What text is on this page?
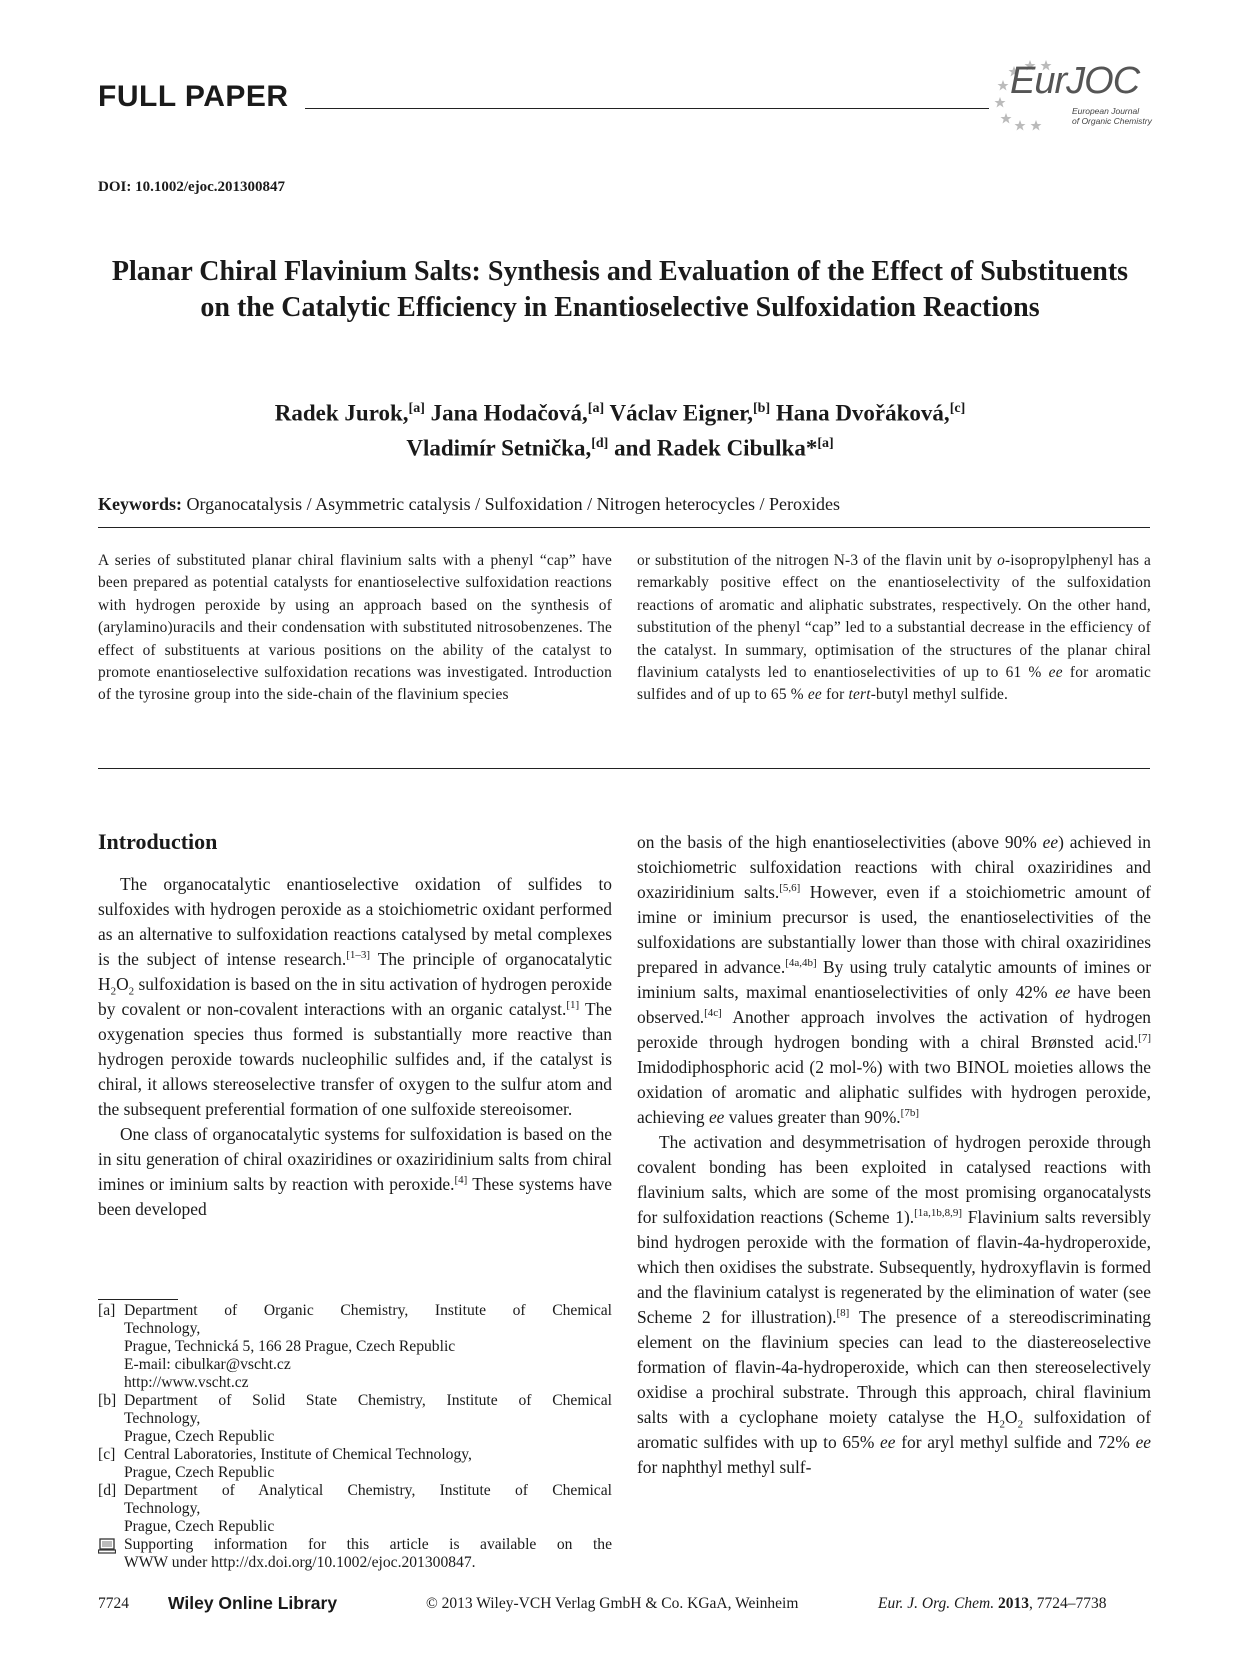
FULL PAPER	EurJOC
European Journal
of Organic Chemistry
DOI: 10.1002/ejoc.201300847
Planar Chiral Flavinium Salts: Synthesis and Evaluation of the Effect of Substituents on the Catalytic Efficiency in Enantioselective Sulfoxidation Reactions
Radek Jurok,[a] Jana Hodačová,[a] Václav Eigner,[b] Hana Dvořáková,[c]
Vladimír Setnička,[d] and Radek Cibulka*[a]
Keywords: Organocatalysis / Asymmetric catalysis / Sulfoxidation / Nitrogen heterocycles / Peroxides
A series of substituted planar chiral flavinium salts with a phenyl “cap” have been prepared as potential catalysts for enantioselective sulfoxidation reactions with hydrogen peroxide by using an approach based on the synthesis of (arylamino)uracils and their condensation with substituted nitrosobenzenes. The effect of substituents at various positions on the ability of the catalyst to promote enantioselective sulfoxidation recations was investigated. Introduction of the tyrosine group into the side-chain of the flavinium species
or substitution of the nitrogen N-3 of the flavin unit by o-isopropylphenyl has a remarkably positive effect on the enantioselectivity of the sulfoxidation reactions of aromatic and aliphatic substrates, respectively. On the other hand, substitution of the phenyl “cap” led to a substantial decrease in the efficiency of the catalyst. In summary, optimisation of the structures of the planar chiral flavinium catalysts led to enantioselectivities of up to 61 % ee for aromatic sulfides and of up to 65 % ee for tert-butyl methyl sulfide.
Introduction

The organocatalytic enantioselective oxidation of sulfides to sulfoxides with hydrogen peroxide as a stoichiometric oxidant performed as an alternative to sulfoxidation reactions catalysed by metal complexes is the subject of intense research.[1–3] The principle of organocatalytic $H_2O_2$ sulfoxidation is based on the in situ activation of hydrogen peroxide by covalent or non-covalent interactions with an organic catalyst.[1] The oxygenation species thus formed is substantially more reactive than hydrogen peroxide towards nucleophilic sulfides and, if the catalyst is chiral, it allows stereoselective transfer of oxygen to the sulfur atom and the subsequent preferential formation of one sulfoxide stereoisomer.

One class of organocatalytic systems for sulfoxidation is based on the in situ generation of chiral oxaziridines or oxaziridinium salts from chiral imines or iminium salts by reaction with peroxide.[4] These systems have been developed

on the basis of the high enantioselectivities (above 90% ee) achieved in stoichiometric sulfoxidation reactions with chiral oxaziridines and oxaziridinium salts.[5,6] However, even if a stoichiometric amount of imine or iminium precursor is used, the enantioselectivities of the sulfoxidations are substantially lower than those with chiral oxaziridines prepared in advance.[4a,4b] By using truly catalytic amounts of imines or iminium salts, maximal enantioselectivities of only 42% ee have been observed.[4c] Another approach involves the activation of hydrogen peroxide through hydrogen bonding with a chiral Brønsted acid.[7] Imidodiphosphoric acid (2 mol-%) with two BINOL moieties allows the oxidation of aromatic and aliphatic sulfides with hydrogen peroxide, achieving ee values greater than 90%.[7b]

The activation and desymmetrisation of hydrogen peroxide through covalent bonding has been exploited in catalysed reactions with flavinium salts, which are some of the most promising organocatalysts for sulfoxidation reactions (Scheme 1).[1a,1b,8,9] Flavinium salts reversibly bind hydrogen peroxide with the formation of flavin-4a-hydroperoxide, which then oxidises the substrate. Subsequently, hydroxyflavin is formed and the flavinium catalyst is regenerated by the elimination of water (see Scheme 2 for illustration).[8] The presence of a stereodiscriminating element on the flavinium species can lead to the diastereoselective formation of flavin-4a-hydroperoxide, which can then stereoselectively oxidise a prochiral substrate. Through this approach, chiral flavinium salts with a cyclophane moiety catalyse the $H_2O_2$ sulfoxidation of aromatic sulfides with up to 65% ee for aryl methyl sulfide and 72% ee for naphthyl methyl sulf-

[a] Department of Organic Chemistry, Institute of Chemical
Technology,
Prague, Technická 5, 166 28 Prague, Czech Republic
E-mail: cibulkar@vscht.cz
http://www.vscht.cz
[b] Department of Solid State Chemistry, Institute of Chemical
Technology,
Prague, Czech Republic
[c] Central Laboratories, Institute of Chemical Technology,
Prague, Czech Republic
[d] Department of Analytical Chemistry, Institute of Chemical
Technology,
Prague, Czech Republic
Supporting information for this article is available on the
WWW under http://dx.doi.org/10.1002/ejoc.201300847.
7724 Wiley Online Library	© 2013 Wiley-VCH Verlag GmbH & Co. KGaA, Weinheim	Eur. J. Org. Chem. 2013, 7724–7738
